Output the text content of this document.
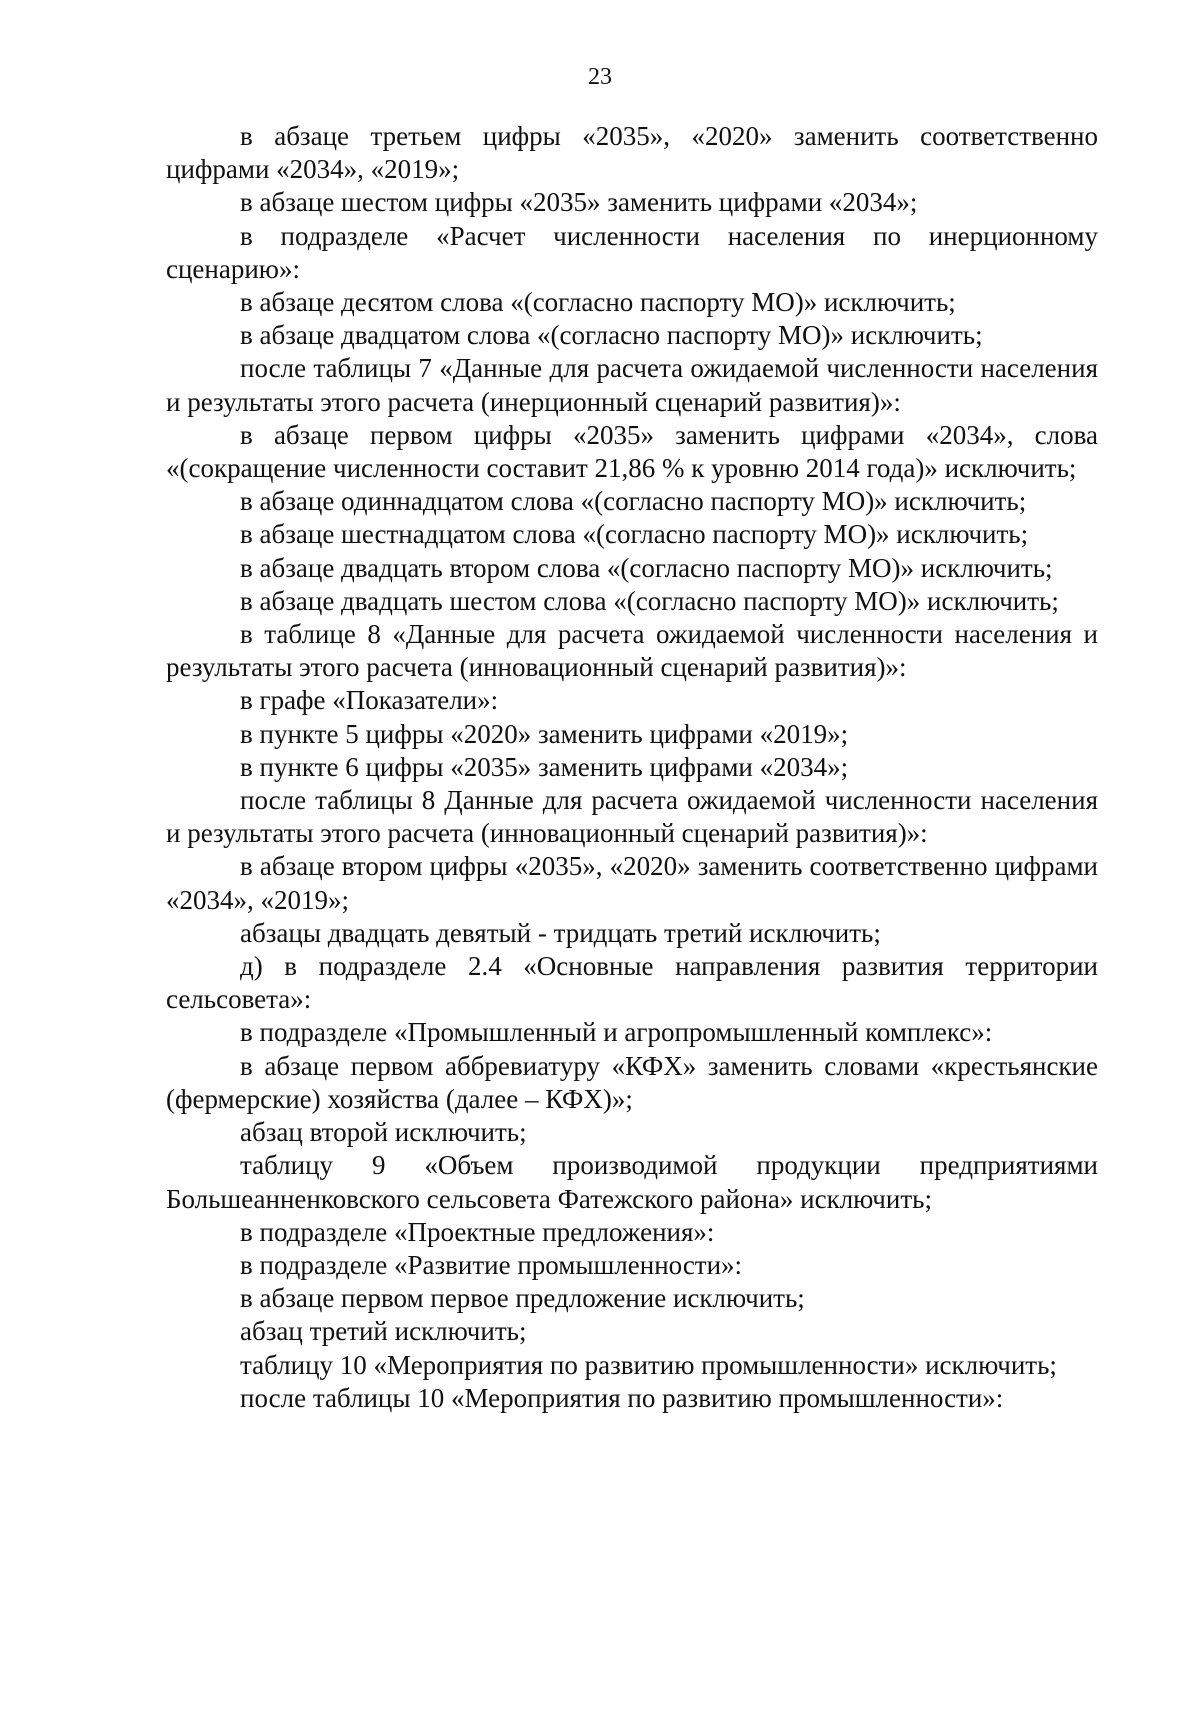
23

в абзаце третьем цифры «2035», «2020» заменить соответственно цифрами «2034», «2019»;

в абзаце шестом цифры «2035» заменить цифрами «2034»;

в подразделе «Расчет численности населения по инерционному сценарию»:

в абзаце десятом слова «(согласно паспорту МО)» исключить;

в абзаце двадцатом слова «(согласно паспорту МО)» исключить;

после таблицы 7 «Данные для расчета ожидаемой численности населения и результаты этого расчета (инерционный сценарий развития)»:

в абзаце первом цифры «2035» заменить цифрами «2034», слова «(сокращение численности составит 21,86 % к уровню 2014 года)» исключить;

в абзаце одиннадцатом слова «(согласно паспорту МО)» исключить;

в абзаце шестнадцатом слова «(согласно паспорту МО)» исключить;

в абзаце двадцать втором слова «(согласно паспорту МО)» исключить;

в абзаце двадцать шестом слова «(согласно паспорту МО)» исключить;

в таблице 8 «Данные для расчета ожидаемой численности населения и результаты этого расчета (инновационный сценарий развития)»:

в графе «Показатели»:

в пункте 5 цифры «2020» заменить цифрами «2019»;

в пункте 6 цифры «2035» заменить цифрами «2034»;

после таблицы 8 Данные для расчета ожидаемой численности населения и результаты этого расчета (инновационный сценарий развития)»:

в абзаце втором цифры «2035», «2020» заменить соответственно цифрами «2034», «2019»;

абзацы двадцать девятый - тридцать третий исключить;

д) в подразделе 2.4 «Основные направления развития территории сельсовета»:

в подразделе «Промышленный и агропромышленный комплекс»:

в абзаце первом аббревиатуру «КФХ» заменить словами «крестьянские (фермерские) хозяйства (далее – КФХ)»;

абзац второй исключить;

таблицу 9 «Объем производимой продукции предприятиями Большеанненковского сельсовета Фатежского района» исключить;

в подразделе «Проектные предложения»:

в подразделе «Развитие промышленности»:

в абзаце первом первое предложение исключить;

абзац третий исключить;

таблицу 10 «Мероприятия по развитию промышленности» исключить;

после таблицы 10 «Мероприятия по развитию промышленности»:
